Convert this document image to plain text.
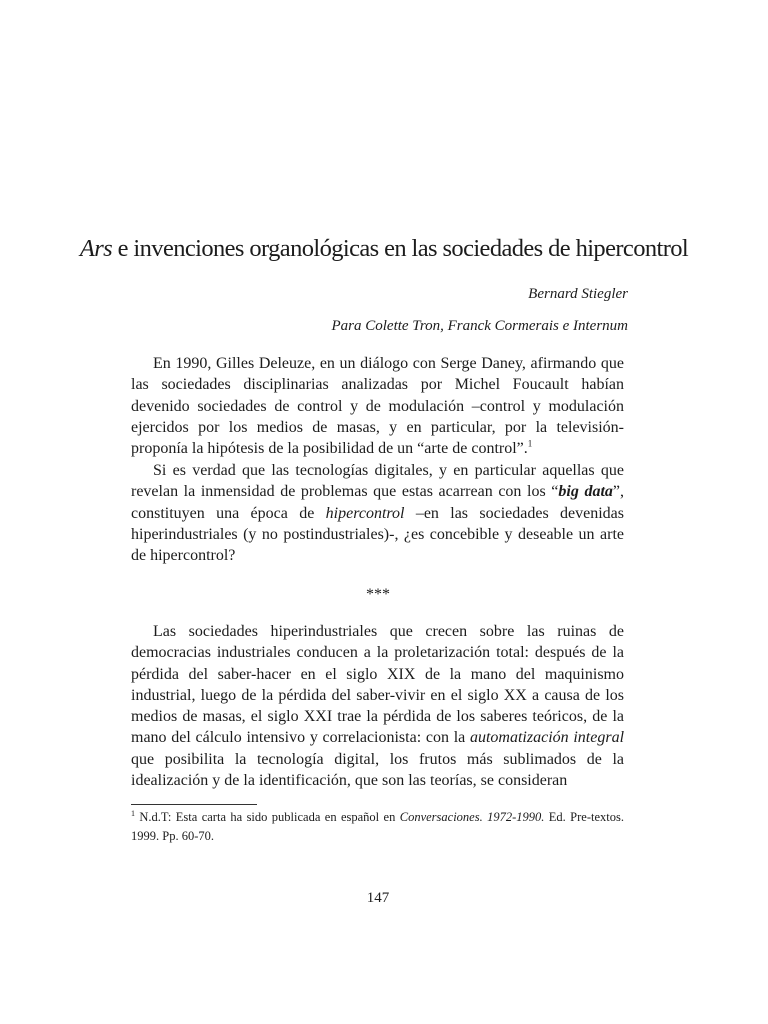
Ars e invenciones organológicas en las sociedades de hipercontrol

Bernard Stiegler

Para Colette Tron, Franck Cormerais e Internum

En 1990, Gilles Deleuze, en un diálogo con Serge Daney, afirmando que las sociedades disciplinarias analizadas por Michel Foucault habían devenido sociedades de control y de modulación –control y modulación ejercidos por los medios de masas, y en particular, por la televisión- proponía la hipótesis de la posibilidad de un “arte de control”.$^1$

Si es verdad que las tecnologías digitales, y en particular aquellas que revelan la inmensidad de problemas que estas acarrean con los “big data”, constituyen una época de hipercontrol –en las sociedades devenidas hiperindustriales (y no postindustriales)-, ¿es concebible y deseable un arte de hipercontrol?

***

Las sociedades hiperindustriales que crecen sobre las ruinas de democracias industriales conducen a la proletarización total: después de la pérdida del saber-hacer en el siglo XIX de la mano del maquinismo industrial, luego de la pérdida del saber-vivir en el siglo XX a causa de los medios de masas, el siglo XXI trae la pérdida de los saberes teóricos, de la mano del cálculo intensivo y correlacionista: con la automatización integral que posibilita la tecnología digital, los frutos más sublimados de la idealización y de la identificación, que son las teorías, se consideran

$^1$ N.d.T: Esta carta ha sido publicada en español en Conversaciones. 1972-1990. Ed. Pre-textos. 1999. Pp. 60-70.

147
